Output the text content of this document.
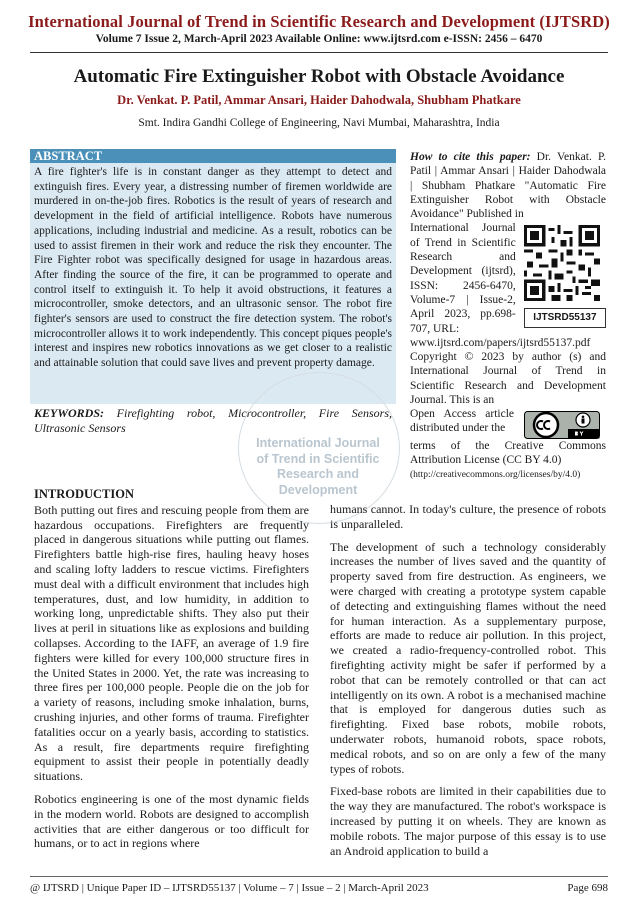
International Journal of Trend in Scientific Research and Development (IJTSRD)
Volume 7 Issue 2, March-April 2023 Available Online: www.ijtsrd.com e-ISSN: 2456 – 6470
Automatic Fire Extinguisher Robot with Obstacle Avoidance
Dr. Venkat. P. Patil, Ammar Ansari, Haider Dahodwala, Shubham Phatkare
Smt. Indira Gandhi College of Engineering, Navi Mumbai, Maharashtra, India
ABSTRACT
A fire fighter's life is in constant danger as they attempt to detect and extinguish fires. Every year, a distressing number of firemen worldwide are murdered in on-the-job fires. Robotics is the result of years of research and development in the field of artificial intelligence. Robots have numerous applications, including industrial and medicine. As a result, robotics can be used to assist firemen in their work and reduce the risk they encounter. The Fire Fighter robot was specifically designed for usage in hazardous areas. After finding the source of the fire, it can be programmed to operate and control itself to extinguish it. To help it avoid obstructions, it features a microcontroller, smoke detectors, and an ultrasonic sensor. The robot fire fighter's sensors are used to construct the fire detection system. The robot's microcontroller allows it to work independently. This concept piques people's interest and inspires new robotics innovations as we get closer to a realistic and attainable solution that could save lives and prevent property damage.
KEYWORDS: Firefighting robot, Microcontroller, Fire Sensors, Ultrasonic Sensors
International Journal
of Trend in Scientific
Research and
Development
How to cite this paper: Dr. Venkat. P. Patil | Ammar Ansari | Haider Dahodwala | Shubham Phatkare "Automatic Fire Extinguisher Robot with Obstacle Avoidance" Published in
International Journal of Trend in Scientific Research and Development (ijtsrd), ISSN: 2456-6470, Volume-7 | Issue-2, April 2023, pp.698-707, URL:
IJTSRD55137
www.ijtsrd.com/papers/ijtsrd55137.pdf
Copyright © 2023 by author (s) and International Journal of Trend in Scientific Research and Development Journal. This is an
Open Access article distributed under the
terms of the Creative Commons Attribution License (CC BY 4.0)
(http://creativecommons.org/licenses/by/4.0)
INTRODUCTION

Both putting out fires and rescuing people from them are hazardous occupations. Firefighters are frequently placed in dangerous situations while putting out flames. Firefighters battle high-rise fires, hauling heavy hoses and scaling lofty ladders to rescue victims. Firefighters must deal with a difficult environment that includes high temperatures, dust, and low humidity, in addition to working long, unpredictable shifts. They also put their lives at peril in situations like as explosions and building collapses. According to the IAFF, an average of 1.9 fire fighters were killed for every 100,000 structure fires in the United States in 2000. Yet, the rate was increasing to three fires per 100,000 people. People die on the job for a variety of reasons, including smoke inhalation, burns, crushing injuries, and other forms of trauma. Firefighter fatalities occur on a yearly basis, according to statistics. As a result, fire departments require firefighting equipment to assist their people in potentially deadly situations.

Robotics engineering is one of the most dynamic fields in the modern world. Robots are designed to accomplish activities that are either dangerous or too difficult for humans, or to act in regions where

humans cannot. In today's culture, the presence of robots is unparalleled.

The development of such a technology considerably increases the number of lives saved and the quantity of property saved from fire destruction. As engineers, we were charged with creating a prototype system capable of detecting and extinguishing flames without the need for human interaction. As a supplementary purpose, efforts are made to reduce air pollution. In this project, we created a radio-frequency-controlled robot. This firefighting activity might be safer if performed by a robot that can be remotely controlled or that can act intelligently on its own. A robot is a mechanised machine that is employed for dangerous duties such as firefighting. Fixed base robots, mobile robots, underwater robots, humanoid robots, space robots, medical robots, and so on are only a few of the many types of robots.

Fixed-base robots are limited in their capabilities due to the way they are manufactured. The robot's workspace is increased by putting it on wheels. They are known as mobile robots. The major purpose of this essay is to use an Android application to build a

@ IJTSRD | Unique Paper ID – IJTSRD55137 | Volume – 7 | Issue – 2 | March-April 2023	Page 698
